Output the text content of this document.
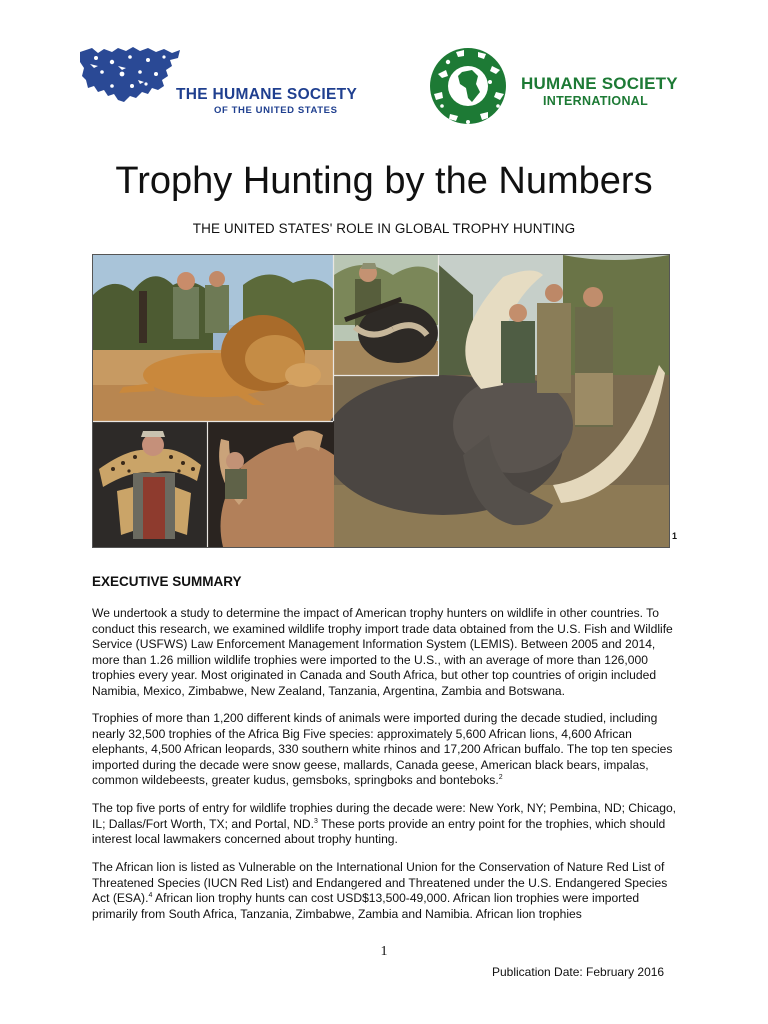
THE HUMANE SOCIETY
OF THE UNITED STATES
HUMANE SOCIETY
INTERNATIONAL
Trophy Hunting by the Numbers
THE UNITED STATES' ROLE IN GLOBAL TROPHY HUNTING
1
EXECUTIVE SUMMARY
We undertook a study to determine the impact of American trophy hunters on wildlife in other countries. To conduct this research, we examined wildlife trophy import trade data obtained from the U.S. Fish and Wildlife Service (USFWS) Law Enforcement Management Information System (LEMIS). Between 2005 and 2014, more than 1.26 million wildlife trophies were imported to the U.S., with an average of more than 126,000 trophies every year. Most originated in Canada and South Africa, but other top countries of origin included Namibia, Mexico, Zimbabwe, New Zealand, Tanzania, Argentina, Zambia and Botswana.
Trophies of more than 1,200 different kinds of animals were imported during the decade studied, including nearly 32,500 trophies of the Africa Big Five species: approximately 5,600 African lions, 4,600 African elephants, 4,500 African leopards, 330 southern white rhinos and 17,200 African buffalo. The top ten species imported during the decade were snow geese, mallards, Canada geese, American black bears, impalas, common wildebeests, greater kudus, gemsboks, springboks and bonteboks.$^2$
The top five ports of entry for wildlife trophies during the decade were: New York, NY; Pembina, ND; Chicago, IL; Dallas/Fort Worth, TX; and Portal, ND.$^3$ These ports provide an entry point for the trophies, which should interest local lawmakers concerned about trophy hunting.
The African lion is listed as Vulnerable on the International Union for the Conservation of Nature Red List of Threatened Species (IUCN Red List) and Endangered and Threatened under the U.S. Endangered Species Act (ESA).$^4$ African lion trophy hunts can cost USD$13,500-49,000. African lion trophies were imported primarily from South Africa, Tanzania, Zimbabwe, Zambia and Namibia. African lion trophies
1
Publication Date: February 2016
